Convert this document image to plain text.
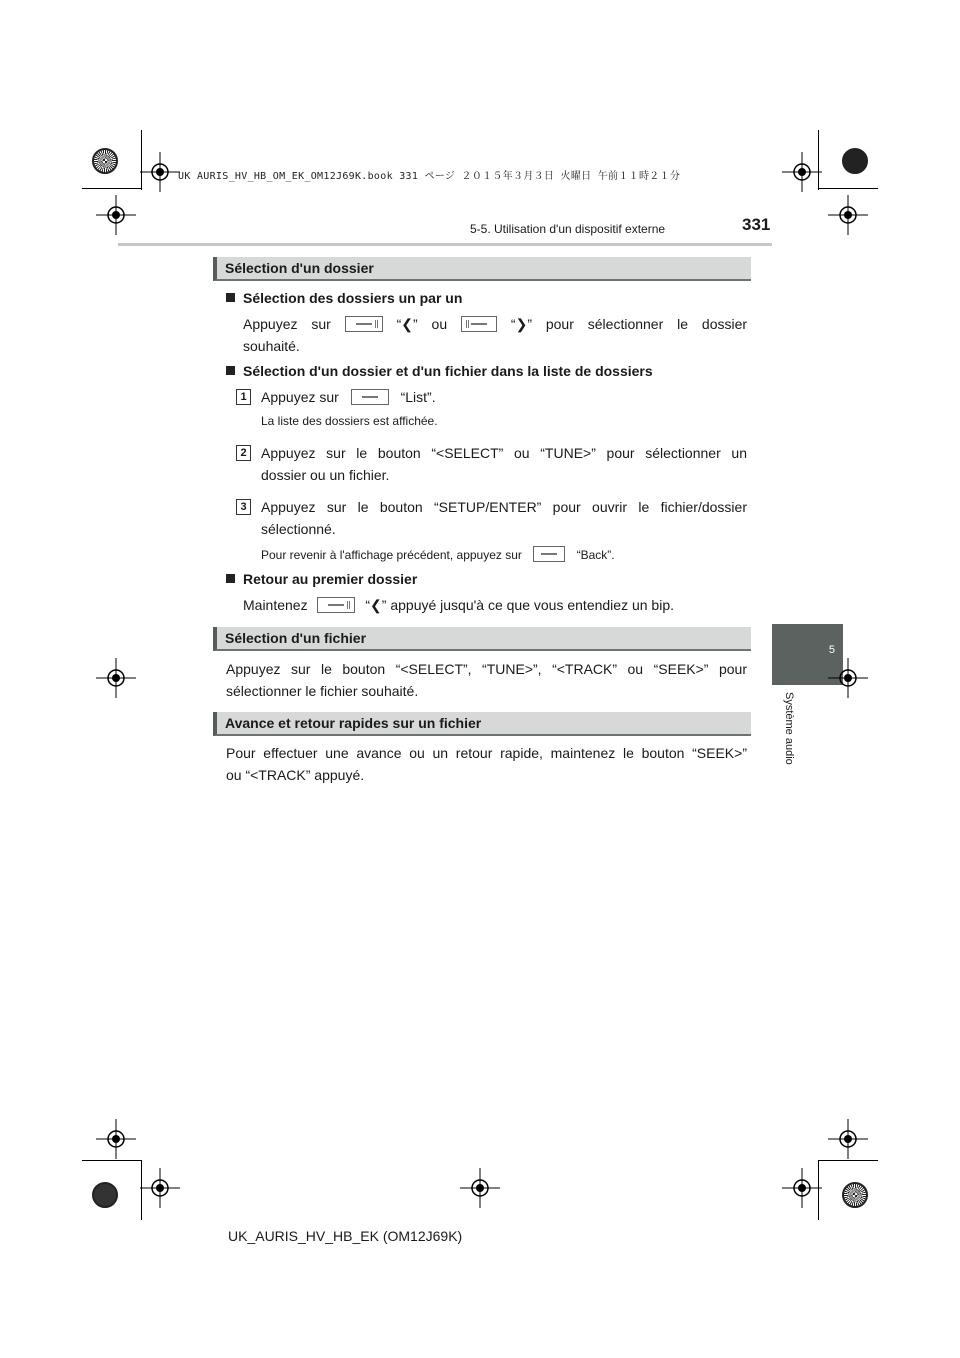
UK AURIS_HV_HB_OM_EK_OM12J69K.book 331 ページ ２０１５年３月３日 火曜日 午前１１時２１分
331
5-5. Utilisation d'un dispositif externe
5
Système audio
Sélection d'un dossier
Sélection des dossiers un par un
Appuyez sur	“❮” ou	“❯” pour sélectionner le dossier
souhaité.
Sélection d'un dossier et d'un fichier dans la liste de dossiers
1	Appuyez sur	“List”.
La liste des dossiers est affichée.
2	Appuyez sur le bouton “<SELECT” ou “TUNE>” pour sélectionner un
dossier ou un fichier.
3	Appuyez sur le bouton “SETUP/ENTER” pour ouvrir le fichier/dossier
sélectionné.
Pour revenir à l'affichage précédent, appuyez sur	“Back”.
Retour au premier dossier
Maintenez	“❮” appuyé jusqu'à ce que vous entendiez un bip.
Sélection d'un fichier
Appuyez sur le bouton “<SELECT”, “TUNE>”, “<TRACK” ou “SEEK>” pour
sélectionner le fichier souhaité.
Avance et retour rapides sur un fichier
Pour effectuer une avance ou un retour rapide, maintenez le bouton “SEEK>”
ou “<TRACK” appuyé.
UK_AURIS_HV_HB_EK (OM12J69K)
